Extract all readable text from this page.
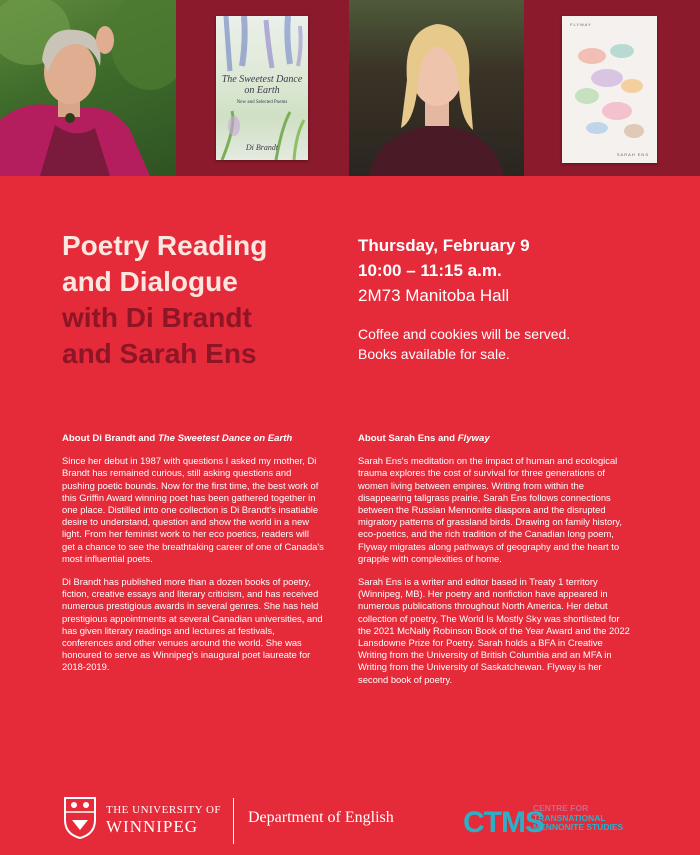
The Sweetest Dance on Earth
New and Selected Poems
Di Brandt
FLYWAY
SARAH ENS
Poetry Reading
and Dialogue
with Di Brandt
and Sarah Ens
Thursday, February 9
10:00 – 11:15 a.m.
2M73 Manitoba Hall
Coffee and cookies will be served.
Books available for sale.
About Di Brandt and The Sweetest Dance on Earth

Since her debut in 1987 with questions I asked my mother, Di Brandt has remained curious, still asking questions and pushing poetic bounds. Now for the first time, the best work of this Griffin Award winning poet has been gathered together in one place. Distilled into one collection is Di Brandt's insatiable desire to understand, question and show the world in a new light. From her feminist work to her eco poetics, readers will get a chance to see the breathtaking career of one of Canada's most influential poets.

Di Brandt has published more than a dozen books of poetry, fiction, creative essays and literary criticism, and has received numerous prestigious awards in several genres. She has held prestigious appointments at several Canadian universities, and has given literary readings and lectures at festivals, conferences and other venues around the world. She was honoured to serve as Winnipeg's inaugural poet laureate for 2018-2019.

About Sarah Ens and Flyway

Sarah Ens's meditation on the impact of human and ecological trauma explores the cost of survival for three generations of women living between empires. Writing from within the disappearing tallgrass prairie, Sarah Ens follows connections between the Russian Mennonite diaspora and the disrupted migratory patterns of grassland birds. Drawing on family history, eco-poetics, and the rich tradition of the Canadian long poem, Flyway migrates along pathways of geography and the heart to grapple with complexities of home.

Sarah Ens is a writer and editor based in Treaty 1 territory (Winnipeg, MB). Her poetry and nonfiction have appeared in numerous publications throughout North America. Her debut collection of poetry, The World Is Mostly Sky was shortlisted for the 2021 McNally Robinson Book of the Year Award and the 2022 Lansdowne Prize for Poetry. Sarah holds a BFA in Creative Writing from the University of British Columbia and an MFA in Writing from the University of Saskatchewan. Flyway is her second book of poetry.

THE UNIVERSITY OF
WINNIPEG	Department of English CTMS
CENTRE FOR
TRANSNATIONAL
MENNONITE STUDIES
